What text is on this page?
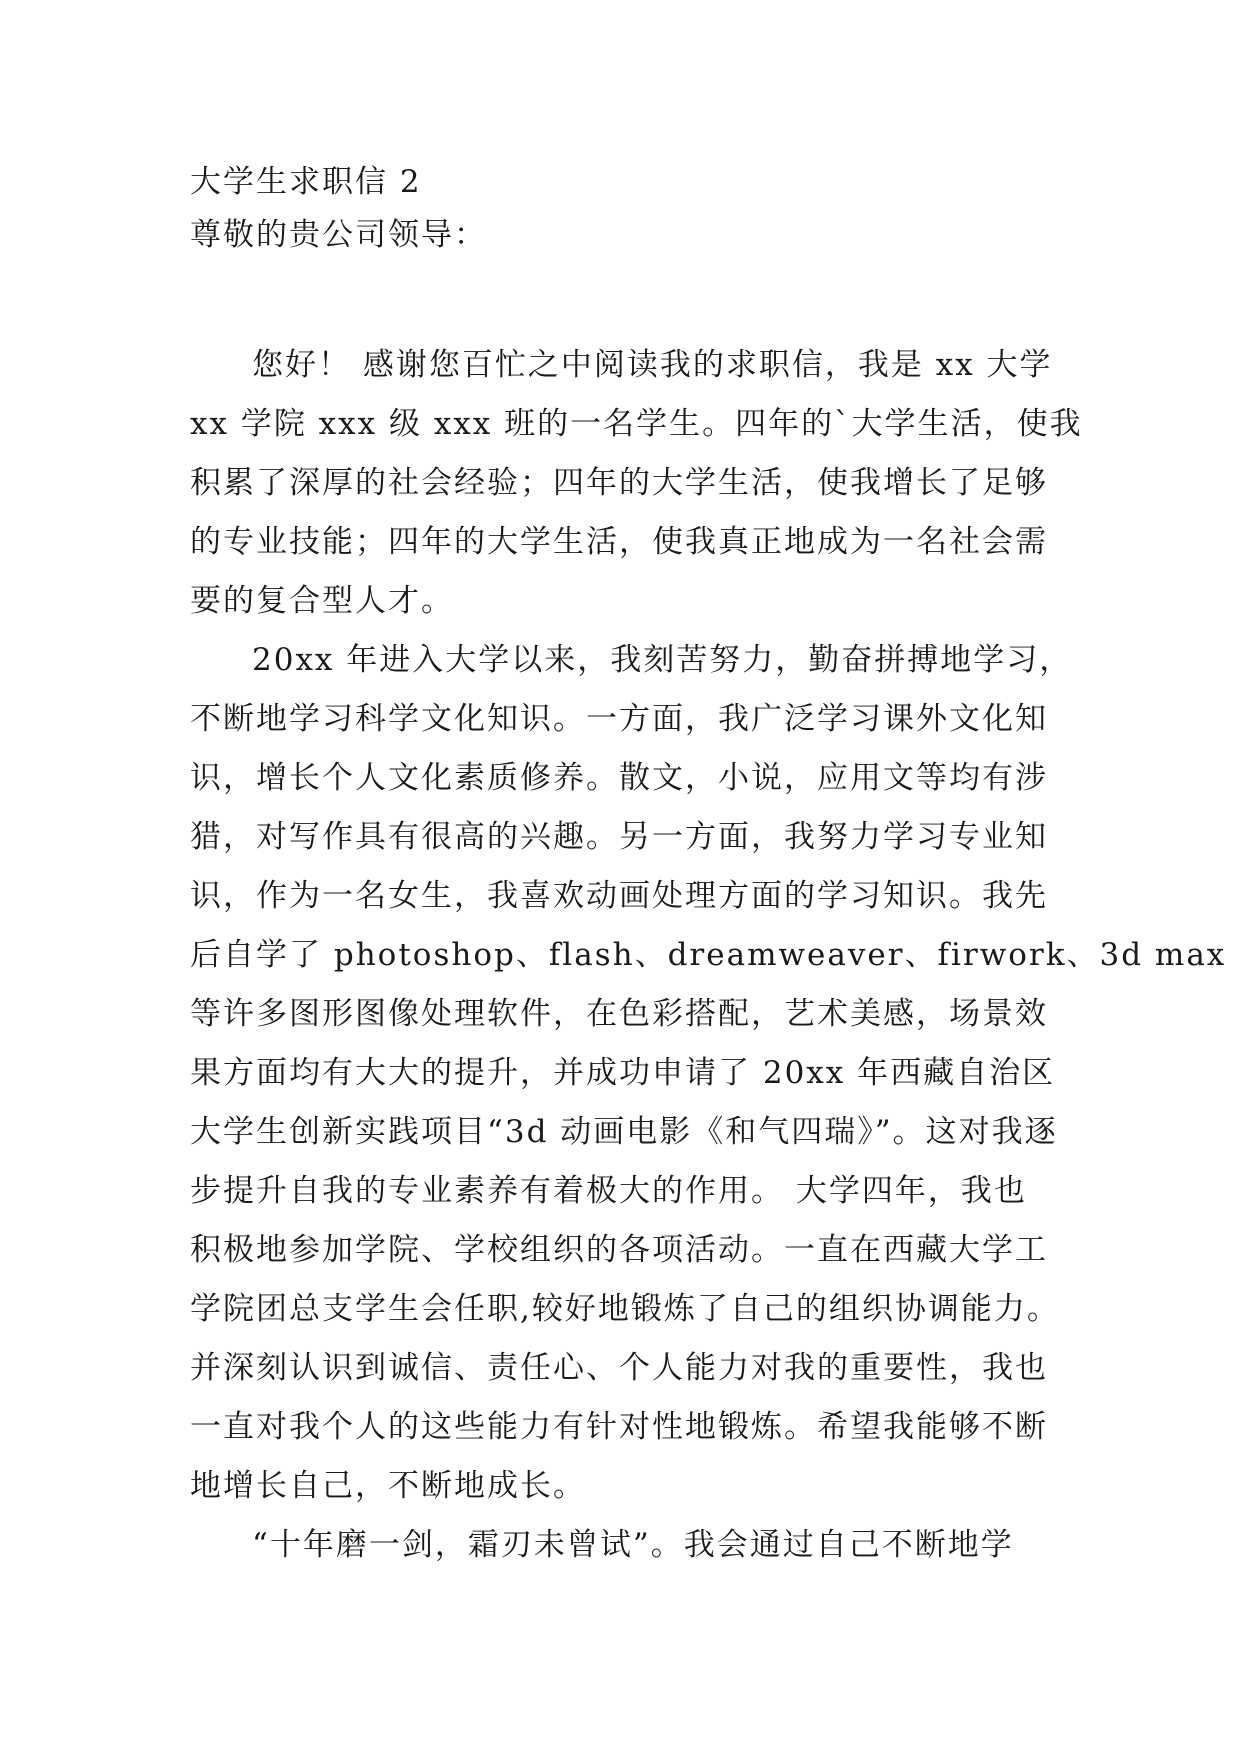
大学生求职信 2
尊敬的贵公司领导：
您好！ 感谢您百忙之中阅读我的求职信，我是 xx 大学
xx 学院 xxx 级 xxx 班的一名学生。四年的`大学生活，使我
积累了深厚的社会经验；四年的大学生活，使我增长了足够
的专业技能；四年的大学生活，使我真正地成为一名社会需
要的复合型人才。
20xx 年进入大学以来，我刻苦努力，勤奋拼搏地学习，
不断地学习科学文化知识。一方面，我广泛学习课外文化知
识，增长个人文化素质修养。散文，小说，应用文等均有涉
猎，对写作具有很高的兴趣。另一方面，我努力学习专业知
识，作为一名女生，我喜欢动画处理方面的学习知识。我先
后自学了 photoshop、flash、dreamweaver、firwork、3d max
等许多图形图像处理软件，在色彩搭配，艺术美感，场景效
果方面均有大大的提升，并成功申请了 20xx 年西藏自治区
大学生创新实践项目“3d 动画电影《和气四瑞》”。这对我逐
步提升自我的专业素养有着极大的作用。 大学四年，我也
积极地参加学院、学校组织的各项活动。一直在西藏大学工
学院团总支学生会任职,较好地锻炼了自己的组织协调能力。
并深刻认识到诚信、责任心、个人能力对我的重要性，我也
一直对我个人的这些能力有针对性地锻炼。希望我能够不断
地增长自己，不断地成长。
“十年磨一剑，霜刃未曾试”。我会通过自己不断地学
